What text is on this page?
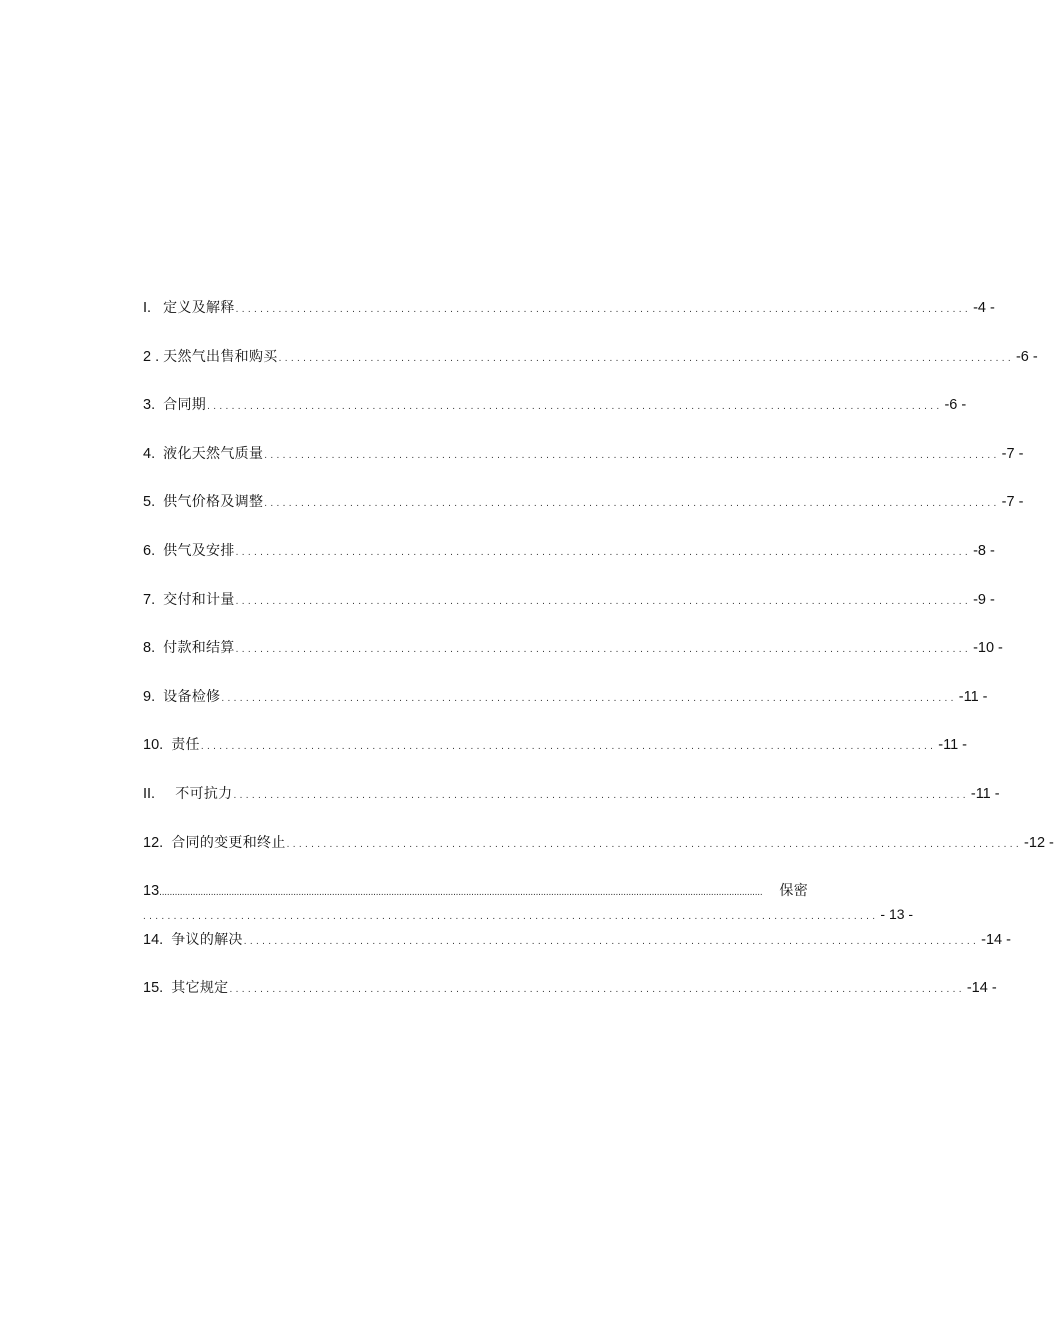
I.
定义及解释 ........................................................................................................................ -4 -
2 .
天然气出售和购买 ........................................................................................................................ -6 -
3.
合同期 ........................................................................................................................ -6 -
4.
液化天然气质量 ........................................................................................................................ -7 -
5.
供气价格及调整 ........................................................................................................................ -7 -
6.
供气及安排 ........................................................................................................................ -8 -
7.
交付和计量 ........................................................................................................................ -9 -
8.
付款和结算 ........................................................................................................................ -10 -
9.
设备检修 ........................................................................................................................ -11 -
10.
责任 ........................................................................................................................ -11 -
II.
不可抗力 ........................................................................................................................ -11 -
12.
合同的变更和终止 ........................................................................................................................ -12 -
13 ..........................................................................................................................................................................................................................................	保密
........................................................................................................................ - 13 -
14.
争议的解决 ........................................................................................................................ -14 -
15.
其它规定 ........................................................................................................................ -14 -
